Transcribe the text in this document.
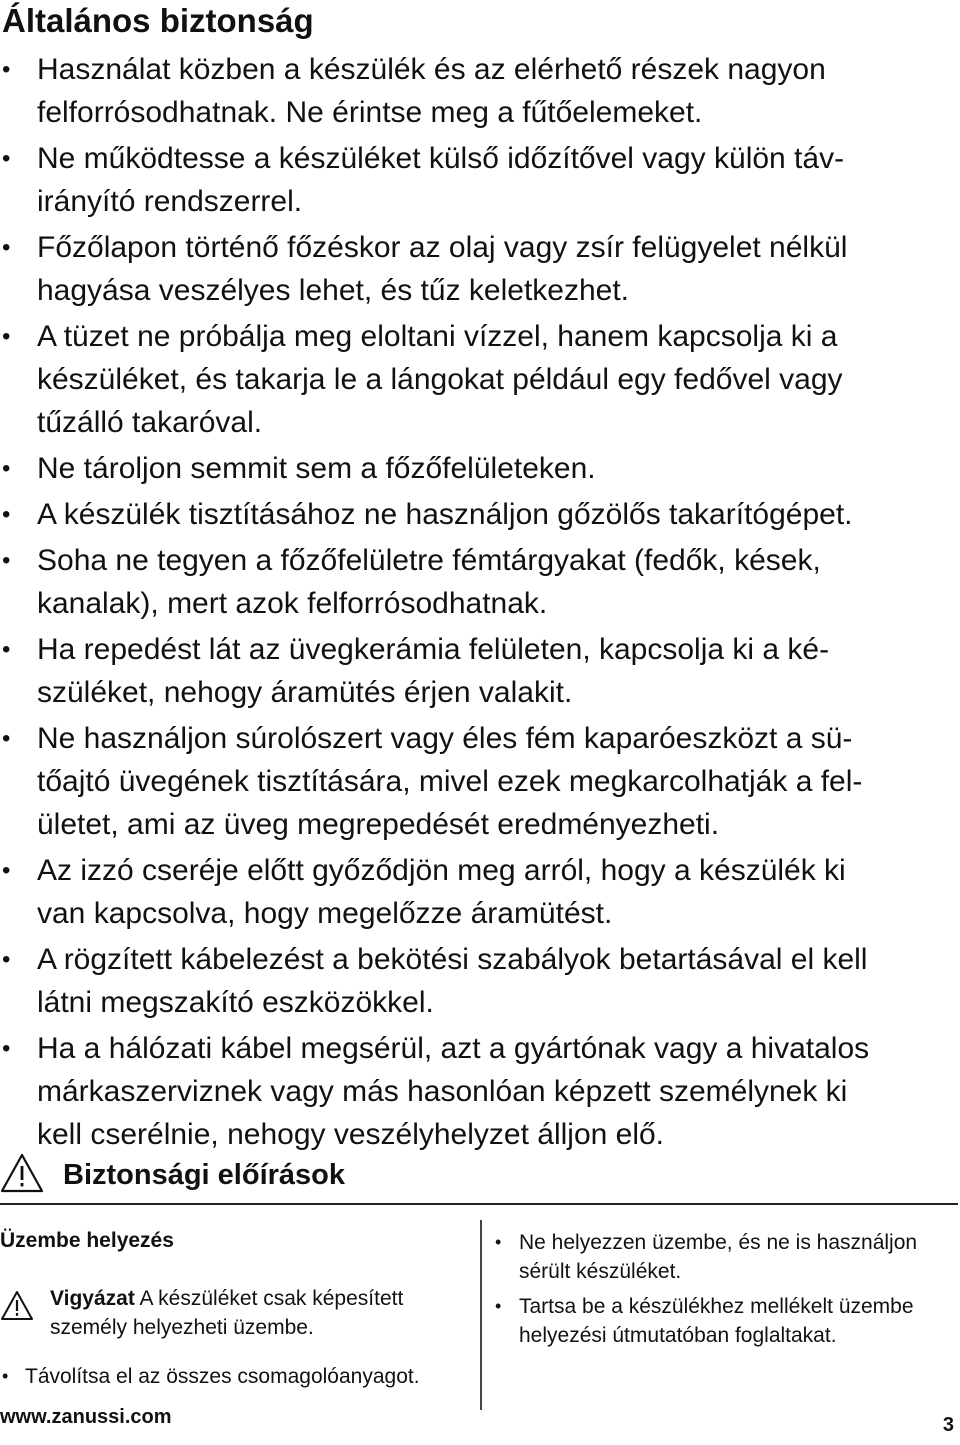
Általános biztonság
• Használat közben a készülék és az elérhető részek nagyon
felforrósodhatnak. Ne érintse meg a fűtőelemeket.
• Ne működtesse a készüléket külső időzítővel vagy külön táv-
irányító rendszerrel.
• Főzőlapon történő főzéskor az olaj vagy zsír felügyelet nélkül
hagyása veszélyes lehet, és tűz keletkezhet.
• A tüzet ne próbálja meg eloltani vízzel, hanem kapcsolja ki a
készüléket, és takarja le a lángokat például egy fedővel vagy
tűzálló takaróval.
• Ne tároljon semmit sem a főzőfelületeken.
• A készülék tisztításához ne használjon gőzölős takarítógépet.
• Soha ne tegyen a főzőfelületre fémtárgyakat (fedők, kések,
kanalak), mert azok felforrósodhatnak.
• Ha repedést lát az üvegkerámia felületen, kapcsolja ki a ké-
szüléket, nehogy áramütés érjen valakit.
• Ne használjon súrolószert vagy éles fém kaparóeszközt a sü-
tőajtó üvegének tisztítására, mivel ezek megkarcolhatják a fel-
ületet, ami az üveg megrepedését eredményezheti.
• Az izzó cseréje előtt győződjön meg arról, hogy a készülék ki
van kapcsolva, hogy megelőzze áramütést.
• A rögzített kábelezést a bekötési szabályok betartásával el kell
látni megszakító eszközökkel.
• Ha a hálózati kábel megsérül, azt a gyártónak vagy a hivatalos
márkaszerviznek vagy más hasonlóan képzett személynek ki
kell cserélnie, nehogy veszélyhelyzet álljon elő.
Biztonsági előírások
Üzembe helyezés
Vigyázat A készüléket csak képesített
személy helyezheti üzembe.
• Távolítsa el az összes csomagolóanyagot.
• Ne helyezzen üzembe, és ne is használjon
sérült készüléket.
• Tartsa be a készülékhez mellékelt üzembe
helyezési útmutatóban foglaltakat.
www.zanussi.com	3
